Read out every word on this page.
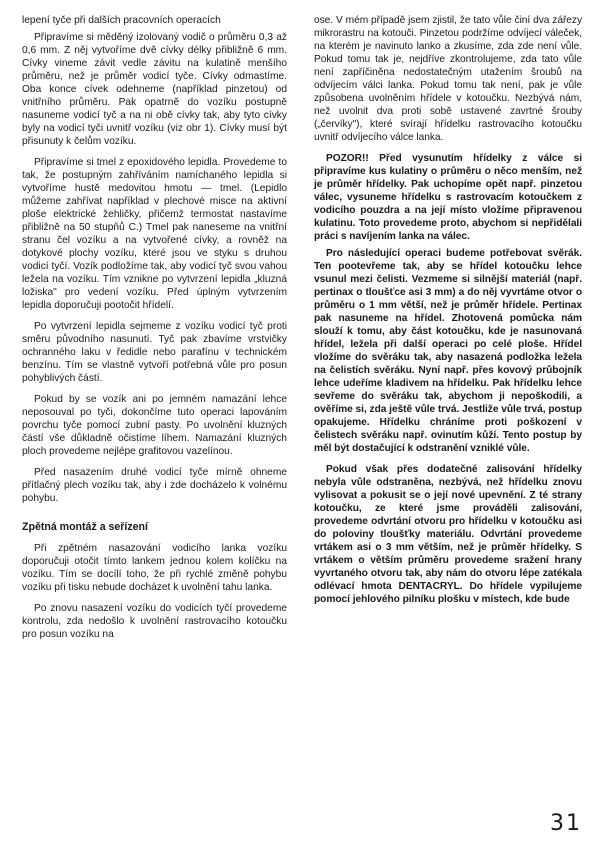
lepení tyče při dalších pracovních operacích

Připravíme si měděný izolovaný vodič o průměru 0,3 až 0,6 mm. Z něj vytvoříme dvě cívky délky přibližně 6 mm. Cívky vineme závit vedle závitu na kulatině menšího průměru, než je průměr vodicí tyče. Cívky odmastíme. Oba konce cívek odehneme (například pinzetou) od vnitřního průměru. Pak opatrně do vozíku postupně nasuneme vodicí tyč a na ni obě cívky tak, aby tyto cívky byly na vodicí tyči uvnitř vozíku (viz obr 1). Cívky musí být přisunuty k čelům vozíku.

Připravíme si tmel z epoxidového lepidla. Provedeme to tak, že postupným zahříváním namíchaného lepidla si vytvoříme hustě medovitou hmotu — tmel. (Lepidlo můžeme zahřívat například v plechové misce na aktivní ploše elektrické žehličky, přičemž termostat nastavíme přibližně na 50 stupňů C.) Tmel pak naneseme na vnitřní stranu čel vozíku a na vytvořené cívky, a rovněž na dotykové plochy vozíku, které jsou ve styku s druhou vodicí tyčí. Vozík podložíme tak, aby vodicí tyč svou vahou ležela na vozíku. Tím vznikne po vytvrzení lepidla „kluzná ložiska" pro vedení vozíku. Před úplným vytvrzením lepidla doporučuji pootočit hřídelí.

Po vytvrzení lepidla sejmeme z vozíku vodicí tyč proti směru původního nasunutí. Tyč pak zbavíme vrstvičky ochranného laku v ředidle nebo parafínu v technickém benzínu. Tím se vlastně vytvoří potřebná vůle pro posun pohyblivých částí.

Pokud by se vozík ani po jemném namazání lehce neposouval po tyči, dokončíme tuto operaci lapováním povrchu tyče pomocí zubní pasty. Po uvolnění kluzných částí vše důkladně očistíme líhem. Namazání kluzných ploch provedeme nejlépe grafitovou vazelínou.

Před nasazením druhé vodicí tyče mírně ohneme přítlačný plech vozíku tak, aby i zde docházelo k volnému pohybu.

Zpětná montáž a seřízení

Při zpětném nasazování vodicího lanka vozíku doporučuji otočit tímto lankem jednou kolem kolíčku na vozíku. Tím se docílí toho, že při rychlé změně pohybu vozíku při tisku nebude docházet k uvolnění tahu lanka.

Po znovu nasazení vozíku do vodicích tyčí provedeme kontrolu, zda nedošlo k uvolnění rastrovacího kotoučku pro posun vozíku na

ose. V mém případě jsem zjistil, že tato vůle činí dva zářezy mikrorastru na kotouči. Pinzetou podržíme odvíjecí váleček, na kterém je navinuto lanko a zkusíme, zda zde není vůle. Pokud tomu tak je, nejdříve zkontrolujeme, zda tato vůle není zapříčiněna nedostatečným utažením šroubů na odvíjecím válci lanka. Pokud tomu tak není, pak je vůle způsobena uvolněním hřídele v kotoučku. Nezbývá nám, než uvolnit dva proti sobě ustavené zavrtné šrouby („červíky"), které svírají hřídelku rastrovacího kotoučku uvnitř odvíjecího válce lanka.

POZOR!! Před vysunutím hřídelky z válce si připravíme kus kulatiny o průměru o něco menším, než je průměr hřídelky. Pak uchopíme opět např. pinzetou válec, vysuneme hřídelku s rastrovacím kotoučkem z vodicího pouzdra a na její místo vložíme připravenou kulatinu. Toto provedeme proto, abychom si nepřidělali práci s navíjením lanka na válec.

Pro následující operaci budeme potřebovat svěrák. Ten pootevřeme tak, aby se hřídel kotoučku lehce vsunul mezi čelisti. Vezmeme si silnější materiál (např. pertinax o tloušťce asi 3 mm) a do něj vyvrtáme otvor o průměru o 1 mm větší, než je průměr hřídele. Pertinax pak nasuneme na hřídel. Zhotovená pomůcka nám slouží k tomu, aby část kotoučku, kde je nasunovaná hřídel, ležela při další operaci po celé ploše. Hřídel vložíme do svěráku tak, aby nasazená podložka ležela na čelistích svěráku. Nyní např. přes kovový průbojník lehce udeříme kladivem na hřídelku. Pak hřídelku lehce sevřeme do svěráku tak, abychom ji nepoškodili, a ověříme si, zda ještě vůle trvá. Jestliže vůle trvá, postup opakujeme. Hřídelku chráníme proti poškození v čelistech svěráku např. ovinutím kůží. Tento postup by měl být dostačující k odstranění vzniklé vůle.

Pokud však přes dodatečné zalisování hřídelky nebyla vůle odstraněna, nezbývá, než hřídelku znovu vylisovat a pokusit se o její nové upevnění. Z té strany kotoučku, ze které jsme prováděli zalisování, provedeme odvrtání otvoru pro hřídelku v kotoučku asi do poloviny tloušťky materiálu. Odvrtání provedeme vrtákem asi o 3 mm větším, než je průměr hřídelky. S vrtákem o větším průměru provedeme sražení hrany vyvrtaného otvoru tak, aby nám do otvoru lépe zatékala odlévací hmota DENTACRYL. Do hřídele vypilujeme pomocí jehlového pilníku plošku v místech, kde bude

31
